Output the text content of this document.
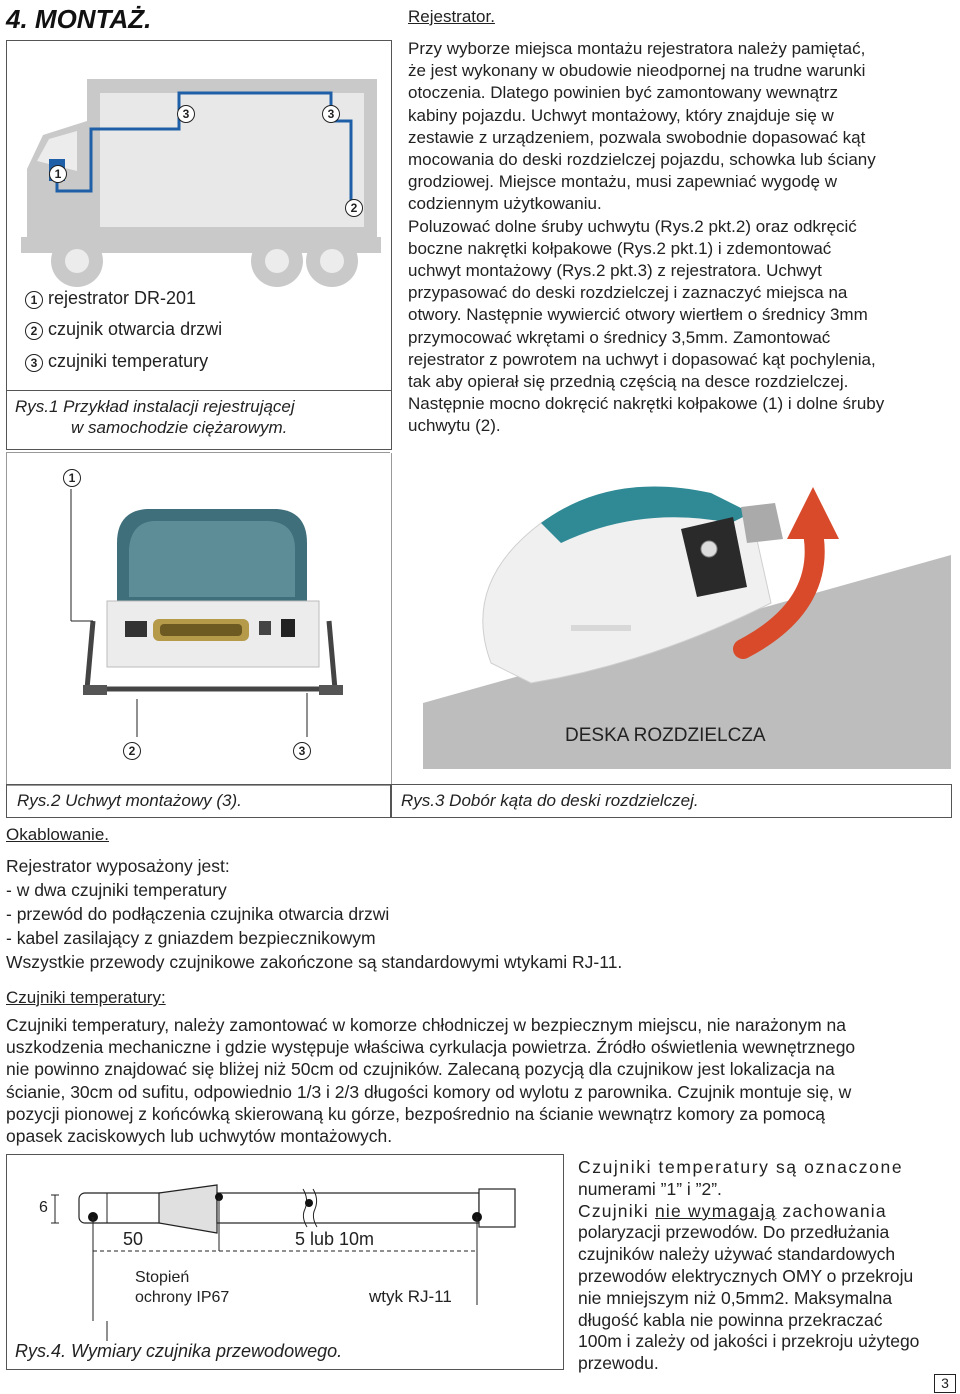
4. MONTAŻ.
1
3	3
2
1 rejestrator DR-201
2 czujnik otwarcia drzwi
3 czujniki temperatury
Rys.1 Przykład instalacji rejestrującej
w samochodzie ciężarowym.
Rejestrator.
Przy wyborze miejsca montażu rejestratora należy pamiętać,
że jest wykonany w obudowie nieodpornej na trudne warunki
otoczenia. Dlatego powinien być zamontowany wewnątrz
kabiny pojazdu. Uchwyt montażowy, który znajduje się w
zestawie z urządzeniem, pozwala swobodnie dopasować kąt
mocowania do deski rozdzielczej pojazdu, schowka lub ściany
grodziowej. Miejsce montażu, musi zapewniać wygodę w
codziennym użytkowaniu.
Poluzować dolne śruby uchwytu (Rys.2 pkt.2) oraz odkręcić
boczne nakrętki kołpakowe (Rys.2 pkt.1) i zdemontować
uchwyt montażowy (Rys.2 pkt.3) z rejestratora. Uchwyt
przypasować do deski rozdzielczej i zaznaczyć miejsca na
otwory. Następnie wywiercić otwory wiertłem o średnicy 3mm
przymocować wkrętami o średnicy 3,5mm. Zamontować
rejestrator z powrotem na uchwyt i dopasować kąt pochylenia,
tak aby opierał się przednią częścią na desce rozdzielczej.
Następnie mocno dokręcić nakrętki kołpakowe (1) i dolne śruby
uchwytu (2).
1
2	3
DESKA ROZDZIELCZA
Rys.2 Uchwyt montażowy (3).	Rys.3 Dobór kąta do deski rozdzielczej.
Okablowanie.
Rejestrator wyposażony jest:
- w dwa czujniki temperatury
- przewód do podłączenia czujnika otwarcia drzwi
- kabel zasilający z gniazdem bezpiecznikowym
Wszystkie przewody czujnikowe zakończone są standardowymi wtykami RJ-11.
Czujniki temperatury:
Czujniki temperatury, należy zamontować w komorze chłodniczej w bezpiecznym miejscu, nie narażonym na
uszkodzenia mechaniczne i gdzie występuje właściwa cyrkulacja powietrza. Źródło oświetlenia wewnętrznego
nie powinno znajdować się bliżej niż 50cm od czujników. Zalecaną pozycją dla czujnikow jest lokalizacja na
ścianie, 30cm od sufitu, odpowiednio 1/3 i 2/3 długości komory od wylotu z parownika. Czujnik montuje się, w
pozycji pionowej z końcówką skierowaną ku górze, bezpośrednio na ścianie wewnątrz komory za pomocą
opasek zaciskowych lub uchwytów montażowych.
6
50	5 lub 10m
Stopień
ochrony IP67	wtyk RJ-11
Rys.4. Wymiary czujnika przewodowego.
Czujniki temperatury są oznaczone
numerami ”1” i ”2”.
Czujniki nie wymagają zachowania
polaryzacji przewodów. Do przedłużania
czujników należy używać standardowych
przewodów elektrycznych OMY o przekroju
nie mniejszym niż 0,5mm2. Maksymalna
długość kabla nie powinna przekraczać
100m i zależy od jakości i przekroju użytego
przewodu.
3
